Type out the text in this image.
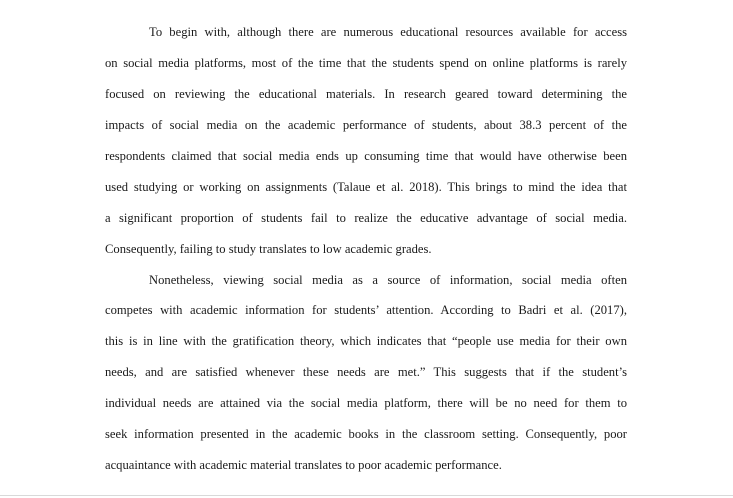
To begin with, although there are numerous educational resources available for access
on social media platforms, most of the time that the students spend on online platforms is rarely
focused on reviewing the educational materials. In research geared toward determining the
impacts of social media on the academic performance of students, about 38.3 percent of the
respondents claimed that social media ends up consuming time that would have otherwise been
used studying or working on assignments (Talaue et al. 2018). This brings to mind the idea that
a significant proportion of students fail to realize the educative advantage of social media.
Consequently, failing to study translates to low academic grades.
Nonetheless, viewing social media as a source of information, social media often
competes with academic information for students’ attention. According to Badri et al. (2017),
this is in line with the gratification theory, which indicates that “people use media for their own
needs, and are satisfied whenever these needs are met.” This suggests that if the student’s
individual needs are attained via the social media platform, there will be no need for them to
seek information presented in the academic books in the classroom setting. Consequently, poor
acquaintance with academic material translates to poor academic performance.
